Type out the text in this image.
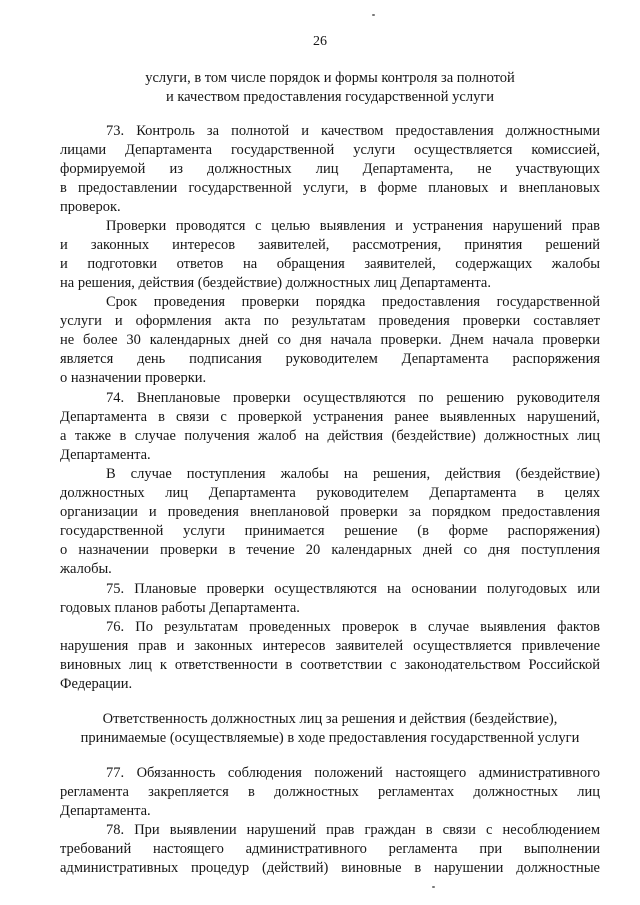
26
услуги, в том числе порядок и формы контроля за полнотой
и качеством предоставления государственной услуги
73. Контроль за полнотой и качеством предоставления должностными
лицами Департамента государственной услуги осуществляется комиссией,
формируемой из должностных лиц Департамента, не участвующих
в предоставлении государственной услуги, в форме плановых и внеплановых
проверок.
Проверки проводятся с целью выявления и устранения нарушений прав
и законных интересов заявителей, рассмотрения, принятия решений
и подготовки ответов на обращения заявителей, содержащих жалобы
на решения, действия (бездействие) должностных лиц Департамента.
Срок проведения проверки порядка предоставления государственной
услуги и оформления акта по результатам проведения проверки составляет
не более 30 календарных дней со дня начала проверки. Днем начала проверки
является день подписания руководителем Департамента распоряжения
о назначении проверки.
74. Внеплановые проверки осуществляются по решению руководителя
Департамента в связи с проверкой устранения ранее выявленных нарушений,
а также в случае получения жалоб на действия (бездействие) должностных лиц
Департамента.
В случае поступления жалобы на решения, действия (бездействие)
должностных лиц Департамента руководителем Департамента в целях
организации и проведения внеплановой проверки за порядком предоставления
государственной услуги принимается решение (в форме распоряжения)
о назначении проверки в течение 20 календарных дней со дня поступления
жалобы.
75. Плановые проверки осуществляются на основании полугодовых или
годовых планов работы Департамента.
76. По результатам проведенных проверок в случае выявления фактов
нарушения прав и законных интересов заявителей осуществляется привлечение
виновных лиц к ответственности в соответствии с законодательством Российской
Федерации.
Ответственность должностных лиц за решения и действия (бездействие),
принимаемые (осуществляемые) в ходе предоставления государственной услуги
77. Обязанность соблюдения положений настоящего административного
регламента закрепляется в должностных регламентах должностных лиц
Департамента.
78. При выявлении нарушений прав граждан в связи с несоблюдением
требований настоящего административного регламента при выполнении
административных процедур (действий) виновные в нарушении должностные
